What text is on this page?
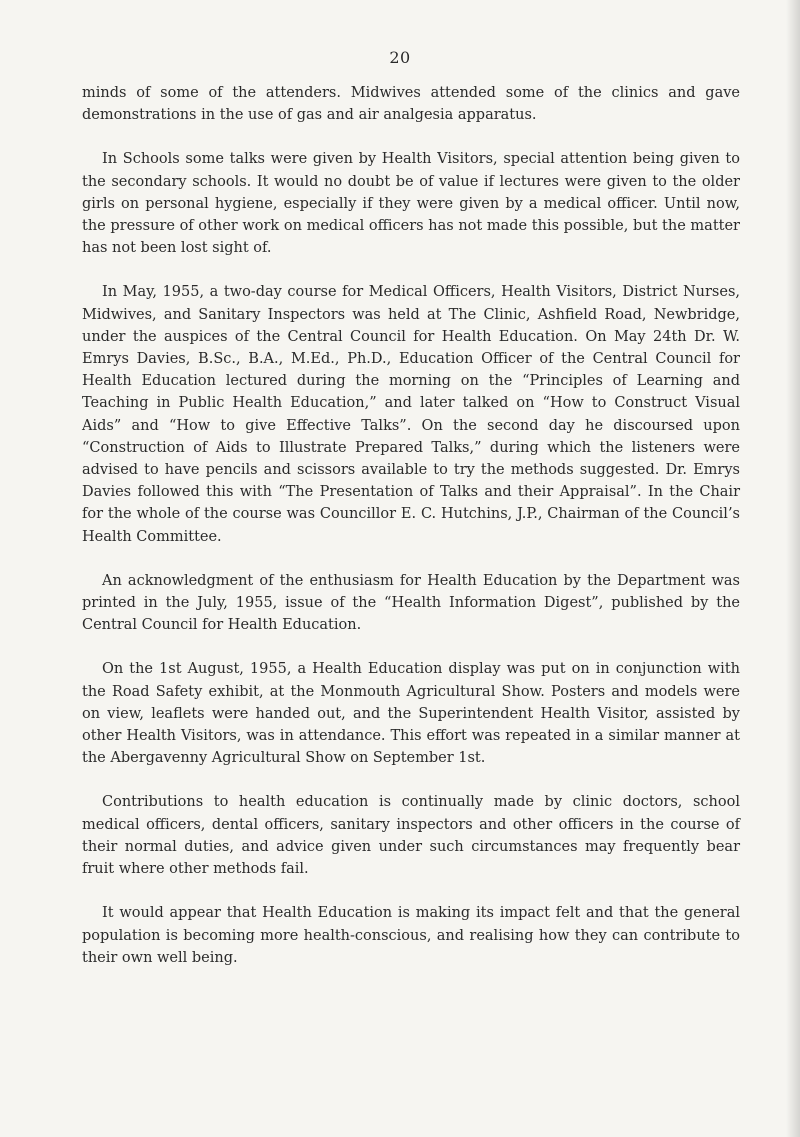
20

minds of some of the attenders. Midwives attended some of the clinics and gave demonstrations in the use of gas and air analgesia apparatus.

In Schools some talks were given by Health Visitors, special attention being given to the secondary schools. It would no doubt be of value if lectures were given to the older girls on personal hygiene, especially if they were given by a medical officer. Until now, the pressure of other work on medical officers has not made this possible, but the matter has not been lost sight of.

In May, 1955, a two-day course for Medical Officers, Health Visitors, District Nurses, Midwives, and Sanitary Inspectors was held at The Clinic, Ashfield Road, Newbridge, under the auspices of the Central Council for Health Education. On May 24th Dr. W. Emrys Davies, B.Sc., B.A., M.Ed., Ph.D., Education Officer of the Central Council for Health Education lectured during the morning on the “Principles of Learning and Teaching in Public Health Education,” and later talked on “How to Construct Visual Aids” and “How to give Effective Talks”. On the second day he discoursed upon “Construction of Aids to Illustrate Prepared Talks,” during which the listeners were advised to have pencils and scissors available to try the methods suggested. Dr. Emrys Davies followed this with “The Presentation of Talks and their Appraisal”. In the Chair for the whole of the course was Councillor E. C. Hutchins, J.P., Chairman of the Council’s Health Committee.

An acknowledgment of the enthusiasm for Health Education by the Department was printed in the July, 1955, issue of the “Health Information Digest”, published by the Central Council for Health Education.

On the 1st August, 1955, a Health Education display was put on in conjunction with the Road Safety exhibit, at the Monmouth Agricultural Show. Posters and models were on view, leaflets were handed out, and the Superintendent Health Visitor, assisted by other Health Visitors, was in attendance. This effort was repeated in a similar manner at the Abergavenny Agricultural Show on September 1st.

Contributions to health education is continually made by clinic doctors, school medical officers, dental officers, sanitary inspectors and other officers in the course of their normal duties, and advice given under such circumstances may frequently bear fruit where other methods fail.

It would appear that Health Education is making its impact felt and that the general population is becoming more health-conscious, and realising how they can contribute to their own well being.
